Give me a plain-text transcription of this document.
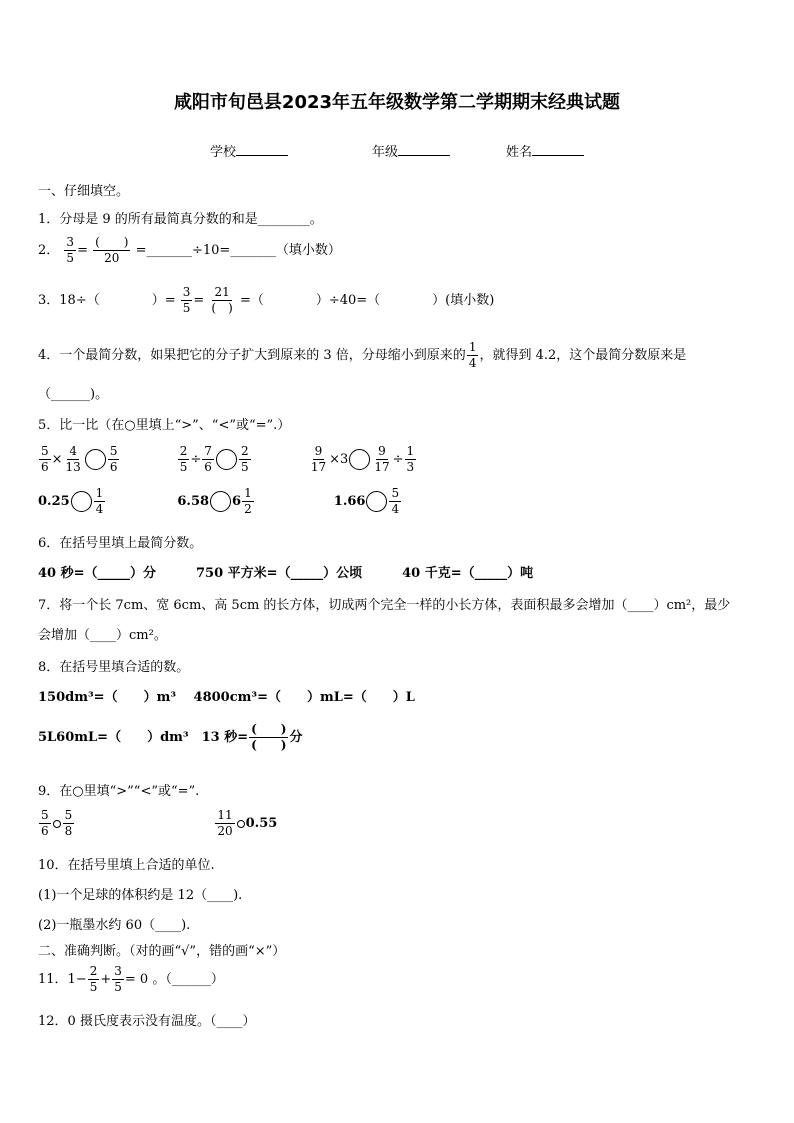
咸阳市旬邑县2023年五年级数学第二学期期末经典试题
学校	年级	姓名
一、仔细填空。
1．分母是 9 的所有最简真分数的和是________。
2． $\frac{3}{5} = \frac{( )}{20}$ =_______÷10=_______（填小数）
3．18÷（　　　　）= $\frac{3}{5} = \frac{21}{( )}$ =（　　　　）÷40=（　　　　）(填小数)
4．一个最简分数，如果把它的分子扩大到原来的 3 倍，分母缩小到原来的 $\frac{1}{4}$ ，就得到 4.2，这个最简分数原来是
（______)。
5．比一比（在○里填上“>”、“<”或“=”.）
$\frac{5}{6} \times \frac{4}{13} \frac{5}{6}$
	$\frac{2}{5} \div \frac{7}{6} \frac{2}{5}$
	$\frac{9}{17} \times 3 \frac{9}{17} \div \frac{1}{3}$
$0.25 \frac{1}{4}$	6.58 $6 \frac{1}{2}$	$1.66 \frac{5}{4}$
6．在括号里填上最简分数。
40 秒=（_____）分	750 平方米=（_____）公顷	40 千克=（_____）吨
7．将一个长 7cm、宽 6cm、高 5cm 的长方体，切成两个完全一样的小长方体，表面积最多会增加（____）cm²，最少
会增加（____）cm²。
8．在括号里填合适的数。
150dm³=（　　）m³　 4800cm³=（　　）mL=（　　）L
5L60mL=（　　）dm³　13 秒= $\frac{( )}{( )}$ 分
9．在○里填“>”“<”或“=”.
$\frac{5}{6} \frac{5}{8}$
	$\frac{11}{20} 0.55$
10．在括号里填上合适的单位.
(1)一个足球的体积约是 12（____).
(2)一瓶墨水约 60（____).
二、准确判断。（对的画“√”，错的画“×”）
11．$1- \frac{2}{5} + \frac{3}{5} = 0$ 。（______）
12．0 摄氏度表示没有温度。（____）
